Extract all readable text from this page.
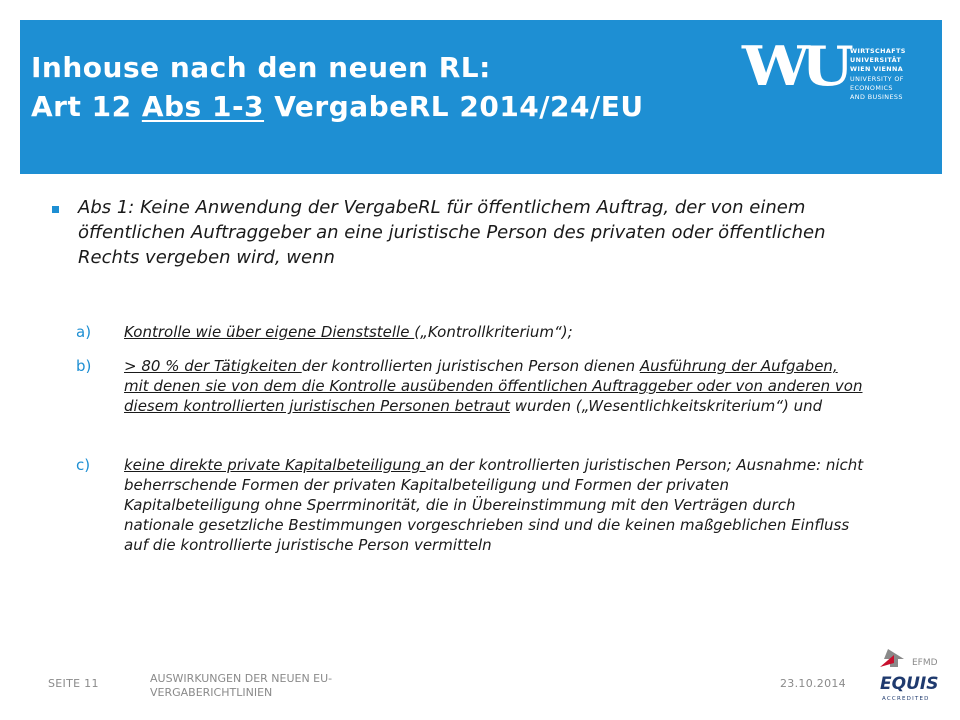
Inhouse nach den neuen RL:
Art 12 Abs 1-3 VergabeRL 2014/24/EU
WU WIRTSCHAFTS
UNIVERSITÄT
WIEN VIENNA
UNIVERSITY OF
ECONOMICS
AND BUSINESS
Abs 1: Keine Anwendung der VergabeRL für öffentlichem Auftrag, der von einem öffentlichen Auftraggeber an eine juristische Person des privaten oder öffentlichen Rechts vergeben wird, wenn
a) Kontrolle wie über eigene Dienststelle („Kontrollkriterium“);
b) > 80 % der Tätigkeiten der kontrollierten juristischen Person dienen Ausführung der Aufgaben, mit denen sie von dem die Kontrolle ausübenden öffentlichen Auftraggeber oder von anderen von diesem kontrollierten juristischen Personen betraut wurden („Wesentlichkeitskriterium“) und
c) keine direkte private Kapitalbeteiligung an der kontrollierten juristischen Person; Ausnahme: nicht beherrschende Formen der privaten Kapitalbeteiligung und Formen der privaten Kapitalbeteiligung ohne Sperrminorität, die in Übereinstimmung mit den Verträgen durch nationale gesetzliche Bestimmungen vorgeschrieben sind und die keinen maßgeblichen Einfluss auf die kontrollierte juristische Person vermitteln
SEITE 11	AUSWIRKUNGEN DER NEUEN EU-VERGABERICHTLINIEN
23.10.2014
EFMD
EQUIS
ACCREDITED
